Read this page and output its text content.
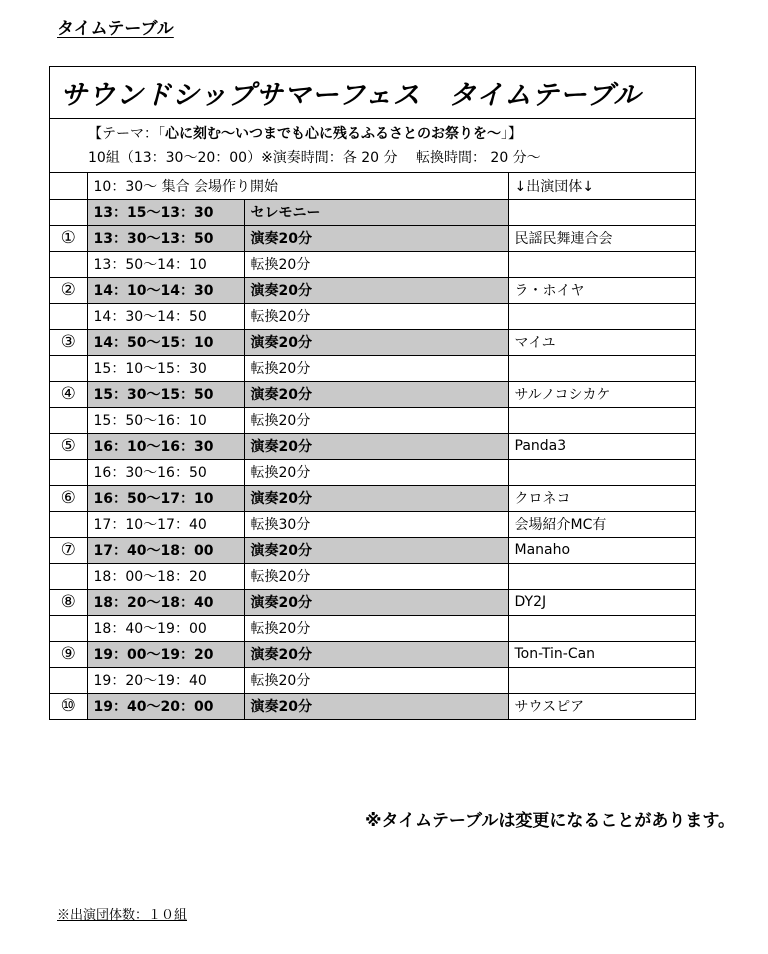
タイムテーブル
サウンドシップサマーフェス　タイムテーブル
【テーマ：「心に刻む～いつまでも心に残るふるさとのお祭りを～」】
10組（13：30～20：00）※演奏時間：各 20 分　 転換時間： 20 分～
	10：30～ 集合 会場作り開始		↓出演団体↓
	13：15～13：30	セレモニー	
①	13：30～13：50	演奏20分	民謡民舞連合会
	13：50～14：10	転換20分	
②	14：10～14：30	演奏20分	ラ・ホイヤ
	14：30～14：50	転換20分	
③	14：50～15：10	演奏20分	マイユ
	15：10～15：30	転換20分	
④	15：30～15：50	演奏20分	サルノコシカケ
	15：50～16：10	転換20分	
⑤	16：10～16：30	演奏20分	Panda3
	16：30～16：50	転換20分	
⑥	16：50～17：10	演奏20分	クロネコ
	17：10～17：40	転換30分	会場紹介MC有
⑦	17：40～18：00	演奏20分	Manaho
	18：00～18：20	転換20分	
⑧	18：20～18：40	演奏20分	DY2J
	18：40～19：00	転換20分	
⑨	19：00～19：20	演奏20分	Ton-Tin-Can
	19：20～19：40	転換20分	
⑩	19：40～20：00	演奏20分	サウスピア
※タイムテーブルは変更になることがあります。
※出演団体数：１０組
